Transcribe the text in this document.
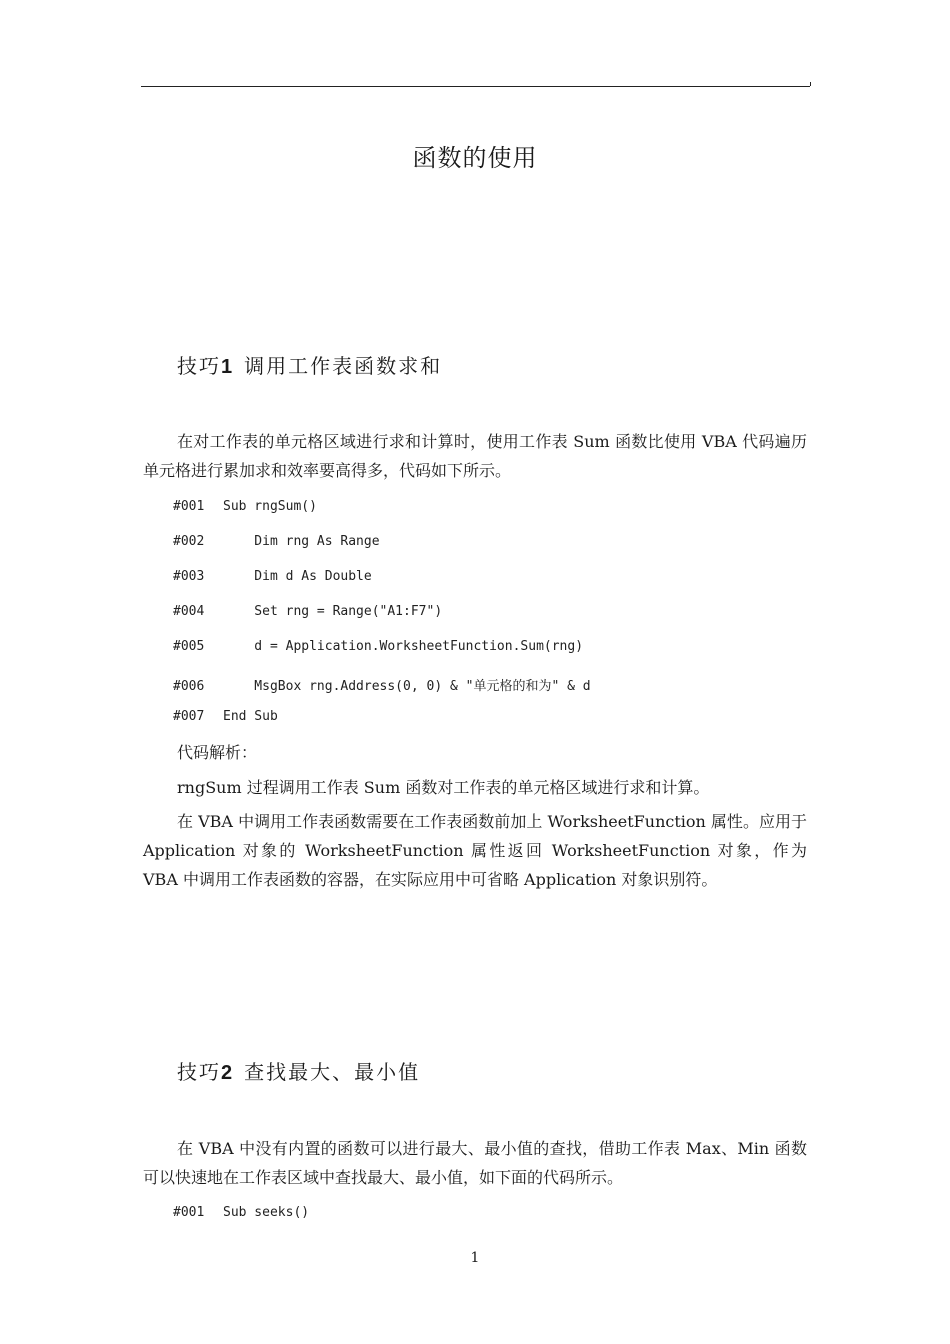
函数的使用
技巧1 调用工作表函数求和

在对工作表的单元格区域进行求和计算时，使用工作表 Sum 函数比使用 VBA 代码遍历单元格进行累加求和效率要高得多，代码如下所示。

#001 Sub rngSum()
#002    Dim rng As Range
#003    Dim d As Double
#004    Set rng = Range("A1:F7")
#005    d = Application.WorksheetFunction.Sum(rng)
#006    MsgBox rng.Address(0, 0) & "单元格的和为" & d
#007 End Sub
代码解析：
rngSum 过程调用工作表 Sum 函数对工作表的单元格区域进行求和计算。

在 VBA 中调用工作表函数需要在工作表函数前加上 WorksheetFunction 属性。应用于 Application 对象的 WorksheetFunction 属性返回 WorksheetFunction 对象，作为 VBA 中调用工作表函数的容器，在实际应用中可省略 Application 对象识别符。

技巧2 查找最大、最小值

在 VBA 中没有内置的函数可以进行最大、最小值的查找，借助工作表 Max、Min 函数可以快速地在工作表区域中查找最大、最小值，如下面的代码所示。

#001 Sub seeks()
1
